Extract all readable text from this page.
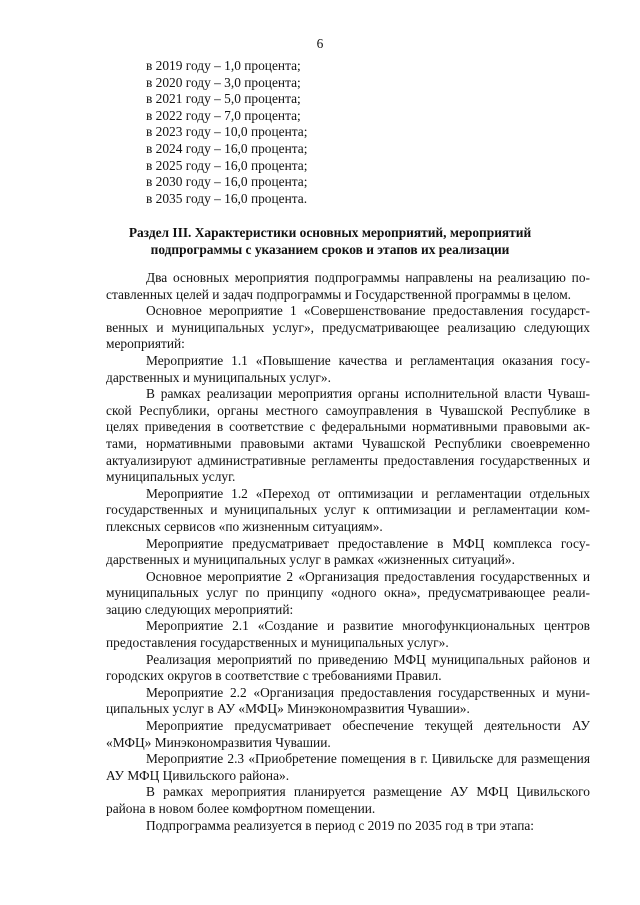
6
в 2019 году – 1,0 процента;
в 2020 году – 3,0 процента;
в 2021 году – 5,0 процента;
в 2022 году – 7,0 процента;
в 2023 году – 10,0 процента;
в 2024 году – 16,0 процента;
в 2025 году – 16,0 процента;
в 2030 году – 16,0 процента;
в 2035 году – 16,0 процента.
Раздел III. Характеристики основных мероприятий, мероприятий
подпрограммы с указанием сроков и этапов их реализации

Два основных мероприятия подпрограммы направлены на реализацию поставленных целей и задач подпрограммы и Государственной программы в целом.

Основное мероприятие 1 «Совершенствование предоставления государственных и муниципальных услуг», предусматривающее реализацию следующих мероприятий:

Мероприятие 1.1 «Повышение качества и регламентация оказания государственных и муниципальных услуг».

В рамках реализации мероприятия органы исполнительной власти Чувашской Республики, органы местного самоуправления в Чувашской Республике в целях приведения в соответствие с федеральными нормативными правовыми актами, нормативными правовыми актами Чувашской Республики своевременно актуализируют административные регламенты предоставления государственных и муниципальных услуг.

Мероприятие 1.2 «Переход от оптимизации и регламентации отдельных государственных и муниципальных услуг к оптимизации и регламентации комплексных сервисов «по жизненным ситуациям».

Мероприятие предусматривает предоставление в МФЦ комплекса государственных и муниципальных услуг в рамках «жизненных ситуаций».

Основное мероприятие 2 «Организация предоставления государственных и муниципальных услуг по принципу «одного окна», предусматривающее реализацию следующих мероприятий:

Мероприятие 2.1 «Создание и развитие многофункциональных центров предоставления государственных и муниципальных услуг».

Реализация мероприятий по приведению МФЦ муниципальных районов и городских округов в соответствие с требованиями Правил.

Мероприятие 2.2 «Организация предоставления государственных и муниципальных услуг в АУ «МФЦ» Минэкономразвития Чувашии».

Мероприятие предусматривает обеспечение текущей деятельности АУ «МФЦ» Минэкономразвития Чувашии.

Мероприятие 2.3 «Приобретение помещения в г. Цивильске для размещения АУ МФЦ Цивильского района».

В рамках мероприятия планируется размещение АУ МФЦ Цивильского района в новом более комфортном помещении.

Подпрограмма реализуется в период с 2019 по 2035 год в три этапа:
